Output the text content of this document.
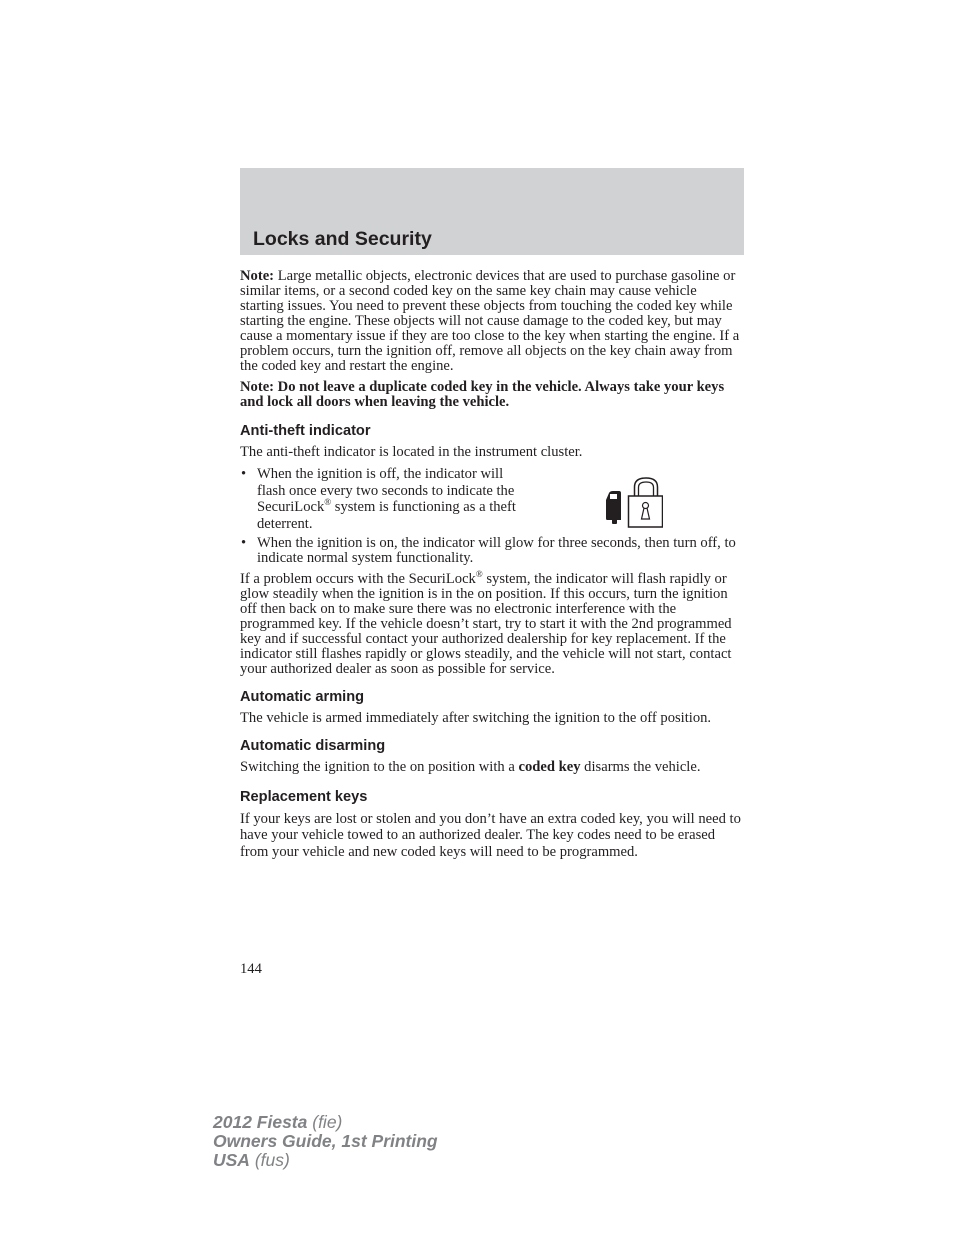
Locks and Security

Note: Large metallic objects, electronic devices that are used to purchase gasoline or similar items, or a second coded key on the same key chain may cause vehicle starting issues. You need to prevent these objects from touching the coded key while starting the engine. These objects will not cause damage to the coded key, but may cause a momentary issue if they are too close to the key when starting the engine. If a problem occurs, turn the ignition off, remove all objects on the key chain away from the coded key and restart the engine.

Note: Do not leave a duplicate coded key in the vehicle. Always take your keys and lock all doors when leaving the vehicle.

Anti-theft indicator

The anti-theft indicator is located in the instrument cluster.

• When the ignition is off, the indicator will flash once every two seconds to indicate the SecuriLock® system is functioning as a theft deterrent.
• When the ignition is on, the indicator will glow for three seconds, then turn off, to indicate normal system functionality.

If a problem occurs with the SecuriLock® system, the indicator will flash rapidly or glow steadily when the ignition is in the on position. If this occurs, turn the ignition off then back on to make sure there was no electronic interference with the programmed key. If the vehicle doesn’t start, try to start it with the 2nd programmed key and if successful contact your authorized dealership for key replacement. If the indicator still flashes rapidly or glows steadily, and the vehicle will not start, contact your authorized dealer as soon as possible for service.

Automatic arming

The vehicle is armed immediately after switching the ignition to the off position.

Automatic disarming

Switching the ignition to the on position with a coded key disarms the vehicle.

Replacement keys

If your keys are lost or stolen and you don’t have an extra coded key, you will need to have your vehicle towed to an authorized dealer. The key codes need to be erased from your vehicle and new coded keys will need to be programmed.

144
2012 Fiesta (fie)
Owners Guide, 1st Printing
USA (fus)
